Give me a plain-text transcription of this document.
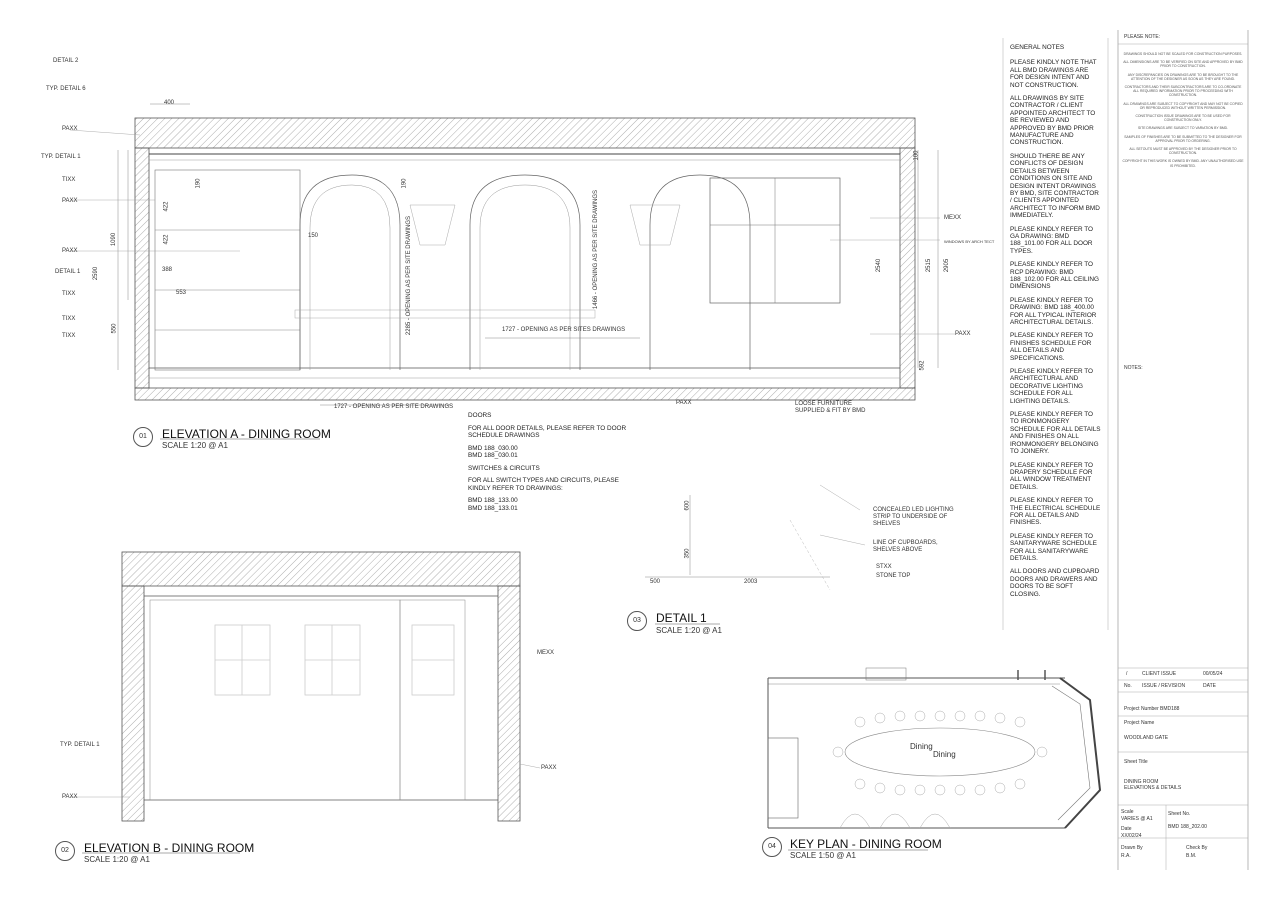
DETAIL 2
TYP. DETAIL 6
PAXX
TYP. DETAIL 1
TIXX
PAXX
PAXX
DETAIL 1
TIXX
TIXX
TIXX
400
1090
2590
550
422
422
388
553
150
190	190
2285 - OPENING AS PER SITE DRAWINGS	1466 - OPENING AS PER SITE DRAWINGS
1727 - OPENING AS PER SITES DRAWINGS
1727 - OPENING AS PER SITE DRAWINGS
2540	2515 2905
100
592
MEXX
WINDOWS BY ARCH TECT
PAXX
PAXX	LOOSE FURNITURE
SUPPLIED & FIT BY BMD
01	ELEVATION A - DINING ROOM
SCALE 1:20 @ A1

DOORS

FOR ALL DOOR DETAILS, PLEASE REFER TO DOOR SCHEDULE DRAWINGS

BMD 188_030.00

BMD 188_030.01

SWITCHES & CIRCUITS

FOR ALL SWITCH TYPES AND CIRCUITS, PLEASE KINDLY REFER TO DRAWINGS:

BMD 188_133.00

BMD 188_133.01	600
350
500	2003
CONCEALED LED LIGHTING
STRIP TO UNDERSIDE OF
SHELVES
LINE OF CUPBOARDS,
SHELVES ABOVE
STXX
STONE TOP
03	DETAIL 1
SCALE 1:20 @ A1
MEXX
PAXX
TYP. DETAIL 1
PAXX
02	ELEVATION B - DINING ROOM
SCALE 1:20 @ A1
Dining
Dining
04	KEY PLAN - DINING ROOM
SCALE 1:50 @ A1

GENERAL NOTES

PLEASE KINDLY NOTE THAT ALL BMD DRAWINGS ARE FOR DESIGN INTENT AND NOT CONSTRUCTION.

ALL DRAWINGS BY SITE CONTRACTOR / CLIENT APPOINTED ARCHITECT TO BE REVIEWED AND APPROVED BY BMD PRIOR MANUFACTURE AND CONSTRUCTION.

SHOULD THERE BE ANY CONFLICTS OF DESIGN DETAILS BETWEEN CONDITIONS ON SITE AND DESIGN INTENT DRAWINGS BY BMD, SITE CONTRACTOR / CLIENTS APPOINTED ARCHITECT TO INFORM BMD IMMEDIATELY.

PLEASE KINDLY REFER TO GA DRAWING: BMD 188_101.00 FOR ALL DOOR TYPES.

PLEASE KINDLY REFER TO RCP DRAWING: BMD 188_102.00 FOR ALL CEILING DIMENSIONS

PLEASE KINDLY REFER TO DRAWING: BMD 188_400.00 FOR ALL TYPICAL INTERIOR ARCHITECTURAL DETAILS.

PLEASE KINDLY REFER TO FINISHES SCHEDULE FOR ALL DETAILS AND SPECIFICATIONS.

PLEASE KINDLY REFER TO ARCHITECTURAL AND DECORATIVE LIGHTING SCHEDULE FOR ALL LIGHTING DETAILS.

PLEASE KINDLY REFER TO TO IRONMONGERY SCHEDULE FOR ALL DETAILS AND FINISHES ON ALL IRONMONGERY BELONGING TO JOINERY.

PLEASE KINDLY REFER TO DRAPERY SCHEDULE FOR ALL WINDOW TREATMENT DETAILS.

PLEASE KINDLY REFER TO THE ELECTRICAL SCHEDULE FOR ALL DETAILS AND FINISHES.

PLEASE KINDLY REFER TO SANITARYWARE SCHEDULE FOR ALL SANITARYWARE DETAILS.

ALL DOORS AND CUPBOARD DOORS AND DRAWERS AND DOORS TO BE SOFT CLOSING.

PLEASE NOTE:

DRAWINGS SHOULD NOT BE SCALED FOR CONSTRUCTION PURPOSES.

ALL DIMENSIONS ARE TO BE VERIFIED ON SITE AND APPROVED BY BMD PRIOR TO CONSTRUCTION.

ANY DISCREPANCIES ON DRAWINGS ARE TO BE BROUGHT TO THE ATTENTION OF THE DESIGNER AS SOON AS THEY ARE FOUND.

CONTRACTORS AND THEIR SUBCONTRACTORS ARE TO CO-ORDINATE ALL REQUIRED INFORMATION PRIOR TO PROCEEDING WITH CONSTRUCTION.

ALL DRAWINGS ARE SUBJECT TO COPYRIGHT AND MAY NOT BE COPIED OR REPRODUCED WITHOUT WRITTEN PERMISSION.

CONSTRUCTION ISSUE DRAWINGS ARE TO BE USED FOR CONSTRUCTION ONLY.

SITE DRAWINGS ARE SUBJECT TO VARIATION BY BMD.

SAMPLES OF FINISHES ARE TO BE SUBMITTED TO THE DESIGNER FOR APPROVAL PRIOR TO ORDERING.

ALL SETOUTS MUST BE APPROVED BY THE DESIGNER PRIOR TO CONSTRUCTION.

COPYRIGHT IN THIS WORK IS OWNED BY BMD. ANY UNAUTHORISED USE IS PROHIBITED.

NOTES:
/	CLIENT ISSUE	00/05/24
No. ISSUE / REVISION	DATE
Project Number BMD188
Project Name
WOODLAND GATE
Sheet Title
DINING ROOM
ELEVATIONS & DETAILS
Scale
VARIES @ A1
Sheet No.
BMD 188_202.00
Date
XX/02/24
Drawn By
R.A.
Check By
B.M.
